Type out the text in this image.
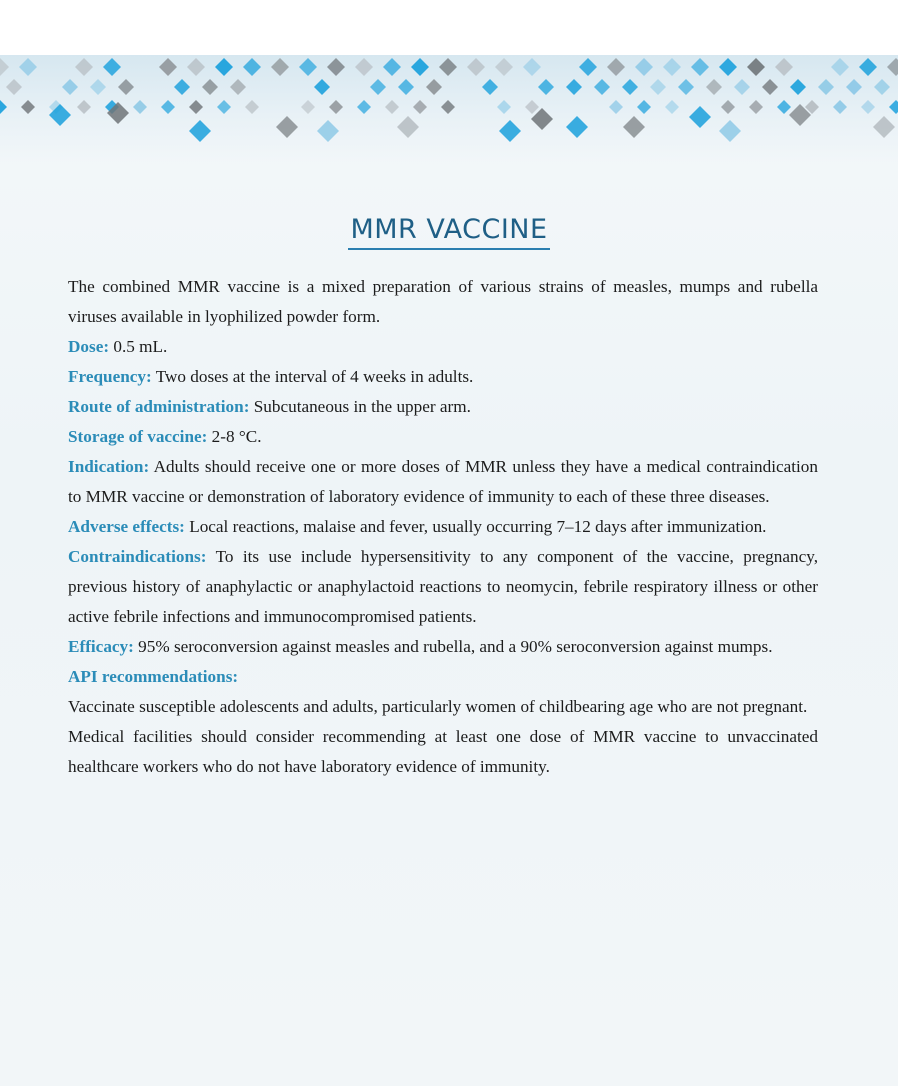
MMR VACCINE

The combined MMR vaccine is a mixed preparation of various strains of measles, mumps and rubella viruses available in lyophilized powder form.

Dose: 0.5 mL.

Frequency: Two doses at the interval of 4 weeks in adults.

Route of administration: Subcutaneous in the upper arm.

Storage of vaccine: 2-8 °C.

Indication: Adults should receive one or more doses of MMR unless they have a medical contraindication to MMR vaccine or demonstration of laboratory evidence of immunity to each of these three diseases.

Adverse effects: Local reactions, malaise and fever, usually occurring 7–12 days after immunization.

Contraindications: To its use include hypersensitivity to any component of the vaccine, pregnancy, previous history of anaphylactic or anaphylactoid reactions to neomycin, febrile respiratory illness or other active febrile infections and immunocompromised patients.

Efficacy: 95% seroconversion against measles and rubella, and a 90% seroconversion against mumps.

API recommendations:

Vaccinate susceptible adolescents and adults, particularly women of childbearing age who are not pregnant.

Medical facilities should consider recommending at least one dose of MMR vaccine to unvaccinated healthcare workers who do not have laboratory evidence of immunity.
